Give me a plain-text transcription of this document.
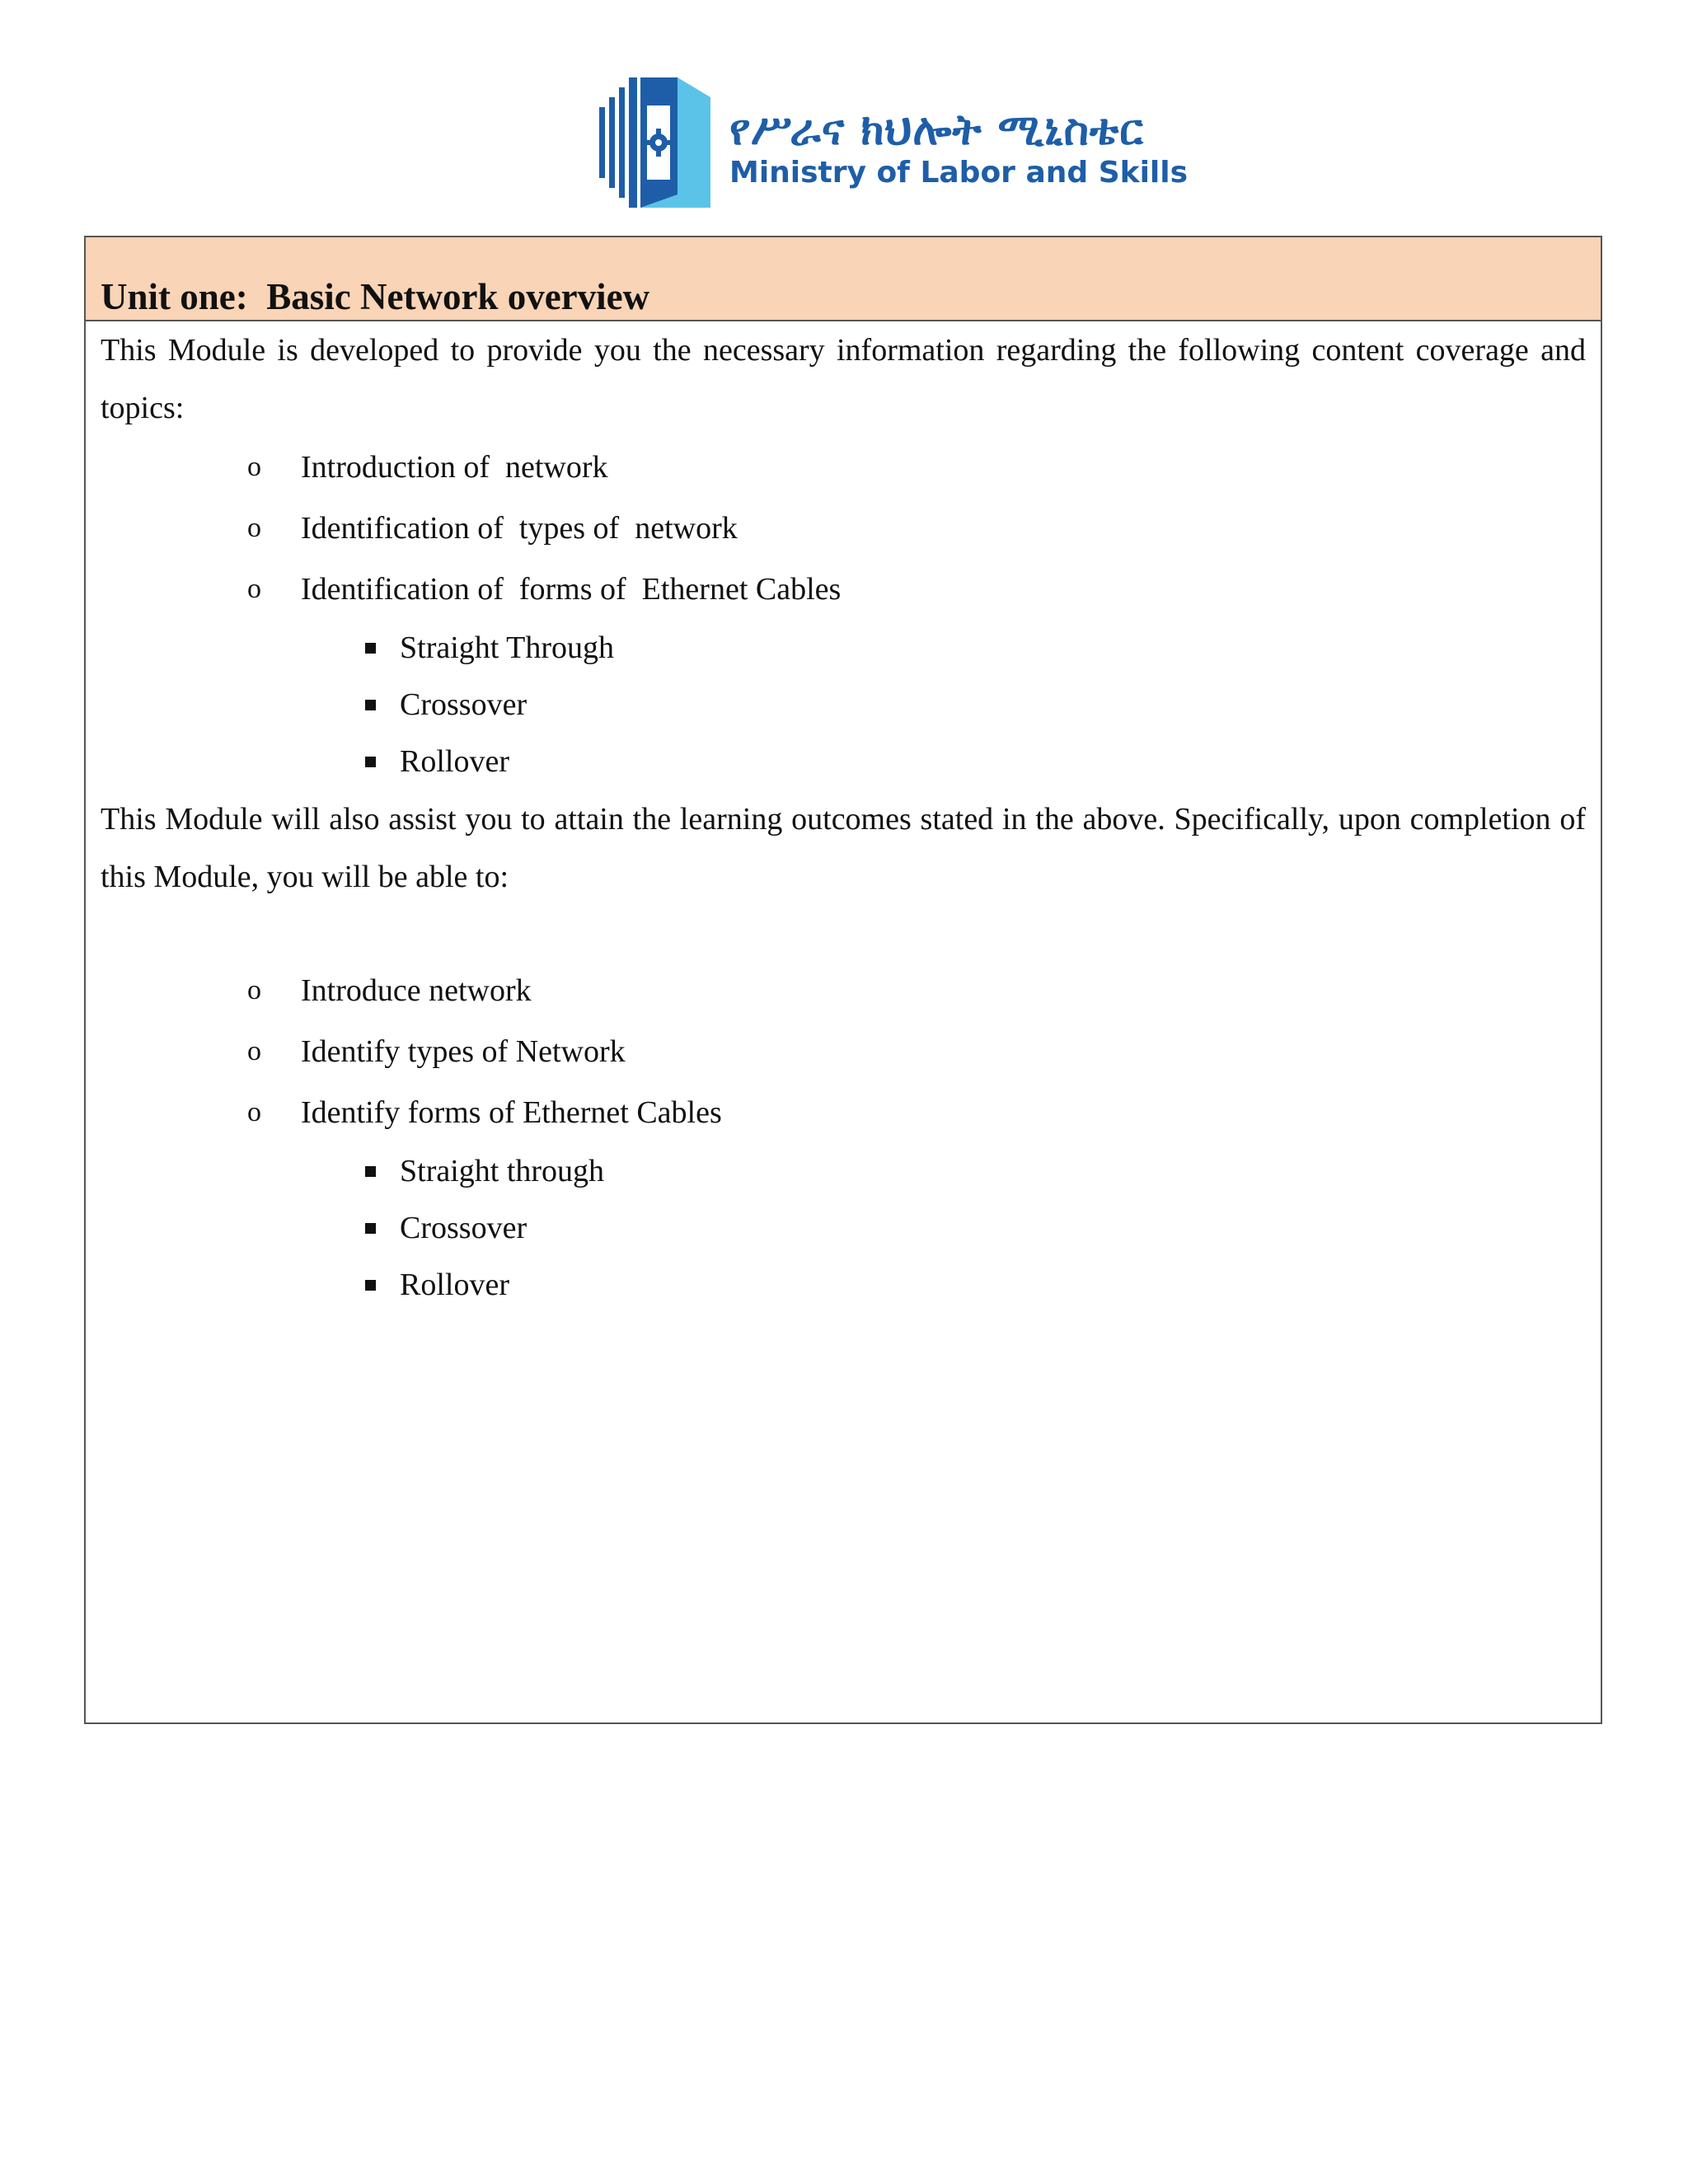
የሥራና ክህሎት ሚኒስቴር
Ministry of Labor and Skills
Unit one:  Basic Network overview

This Module is developed to provide you the necessary information regarding the following content coverage and topics:

o Introduction of  network
o Identification of  types of  network
o Identification of  forms of  Ethernet Cables
Straight Through
Crossover
Rollover

This Module will also assist you to attain the learning outcomes stated in the above. Specifically, upon completion of this Module, you will be able to:

o Introduce network
o Identify types of Network
o Identify forms of Ethernet Cables
Straight through
Crossover
Rollover
